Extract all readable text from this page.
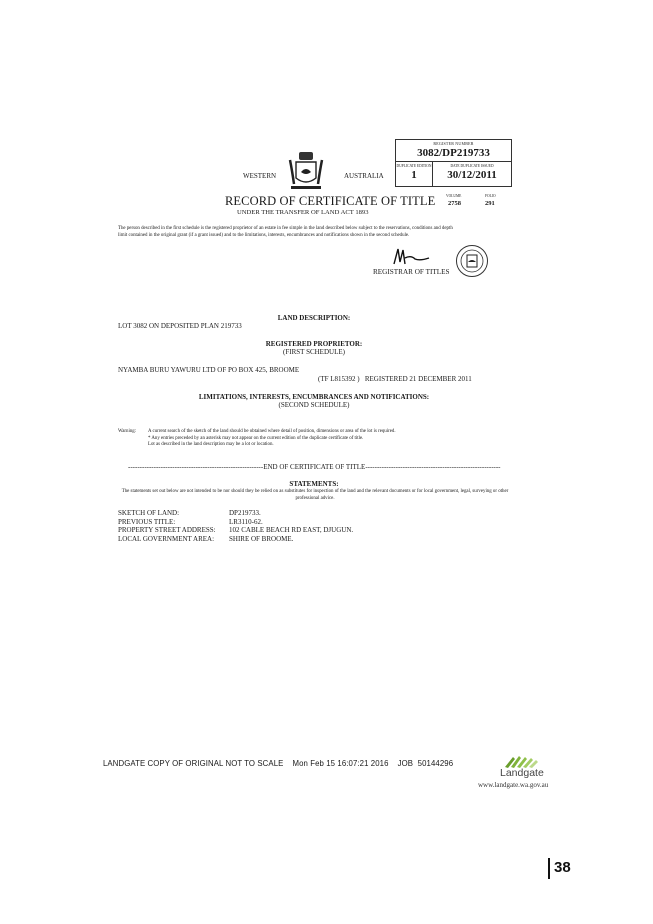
REGISTER NUMBER
3082/DP219733
DUPLICATE EDITION
1
DATE DUPLICATE ISSUED
30/12/2011
WESTERN	AUSTRALIA
RECORD OF CERTIFICATE OF TITLE
UNDER THE TRANSFER OF LAND ACT 1893
VOLUME
2758
FOLIO
291
The person described in the first schedule is the registered proprietor of an estate in fee simple in the land described below subject to the reservations, conditions and depth limit contained in the original grant (if a grant issued) and to the limitations, interests, encumbrances and notifications shown in the second schedule.
REGISTRAR OF TITLES
LAND DESCRIPTION:
LOT 3082 ON DEPOSITED PLAN 219733
REGISTERED PROPRIETOR:
(FIRST SCHEDULE)
NYAMBA BURU YAWURU LTD OF PO BOX 425, BROOME
(TF L815392 )   REGISTERED 21 DECEMBER 2011
LIMITATIONS, INTERESTS, ENCUMBRANCES AND NOTIFICATIONS:
(SECOND SCHEDULE)
Warning:	A current search of the sketch of the land should be obtained where detail of position, dimensions or area of the lot is required.
* Any entries preceded by an asterisk may not appear on the current edition of the duplicate certificate of title.
Lot as described in the land description may be a lot or location.
----------------------------------------------------------END OF CERTIFICATE OF TITLE----------------------------------------------------------
STATEMENTS:
The statements set out below are not intended to be nor should they be relied on as substitutes for inspection of the land and the relevant documents or for local government, legal, surveying or other professional advice.
SKETCH OF LAND:	DP219733.
PREVIOUS TITLE:	LR3110-62.
PROPERTY STREET ADDRESS:	102 CABLE BEACH RD EAST, DJUGUN.
LOCAL GOVERNMENT AREA:	SHIRE OF BROOME.
LANDGATE COPY OF ORIGINAL NOT TO SCALE Mon Feb 15 16:07:21 2016 JOB  50144296
Landgate
www.landgate.wa.gov.au
38
